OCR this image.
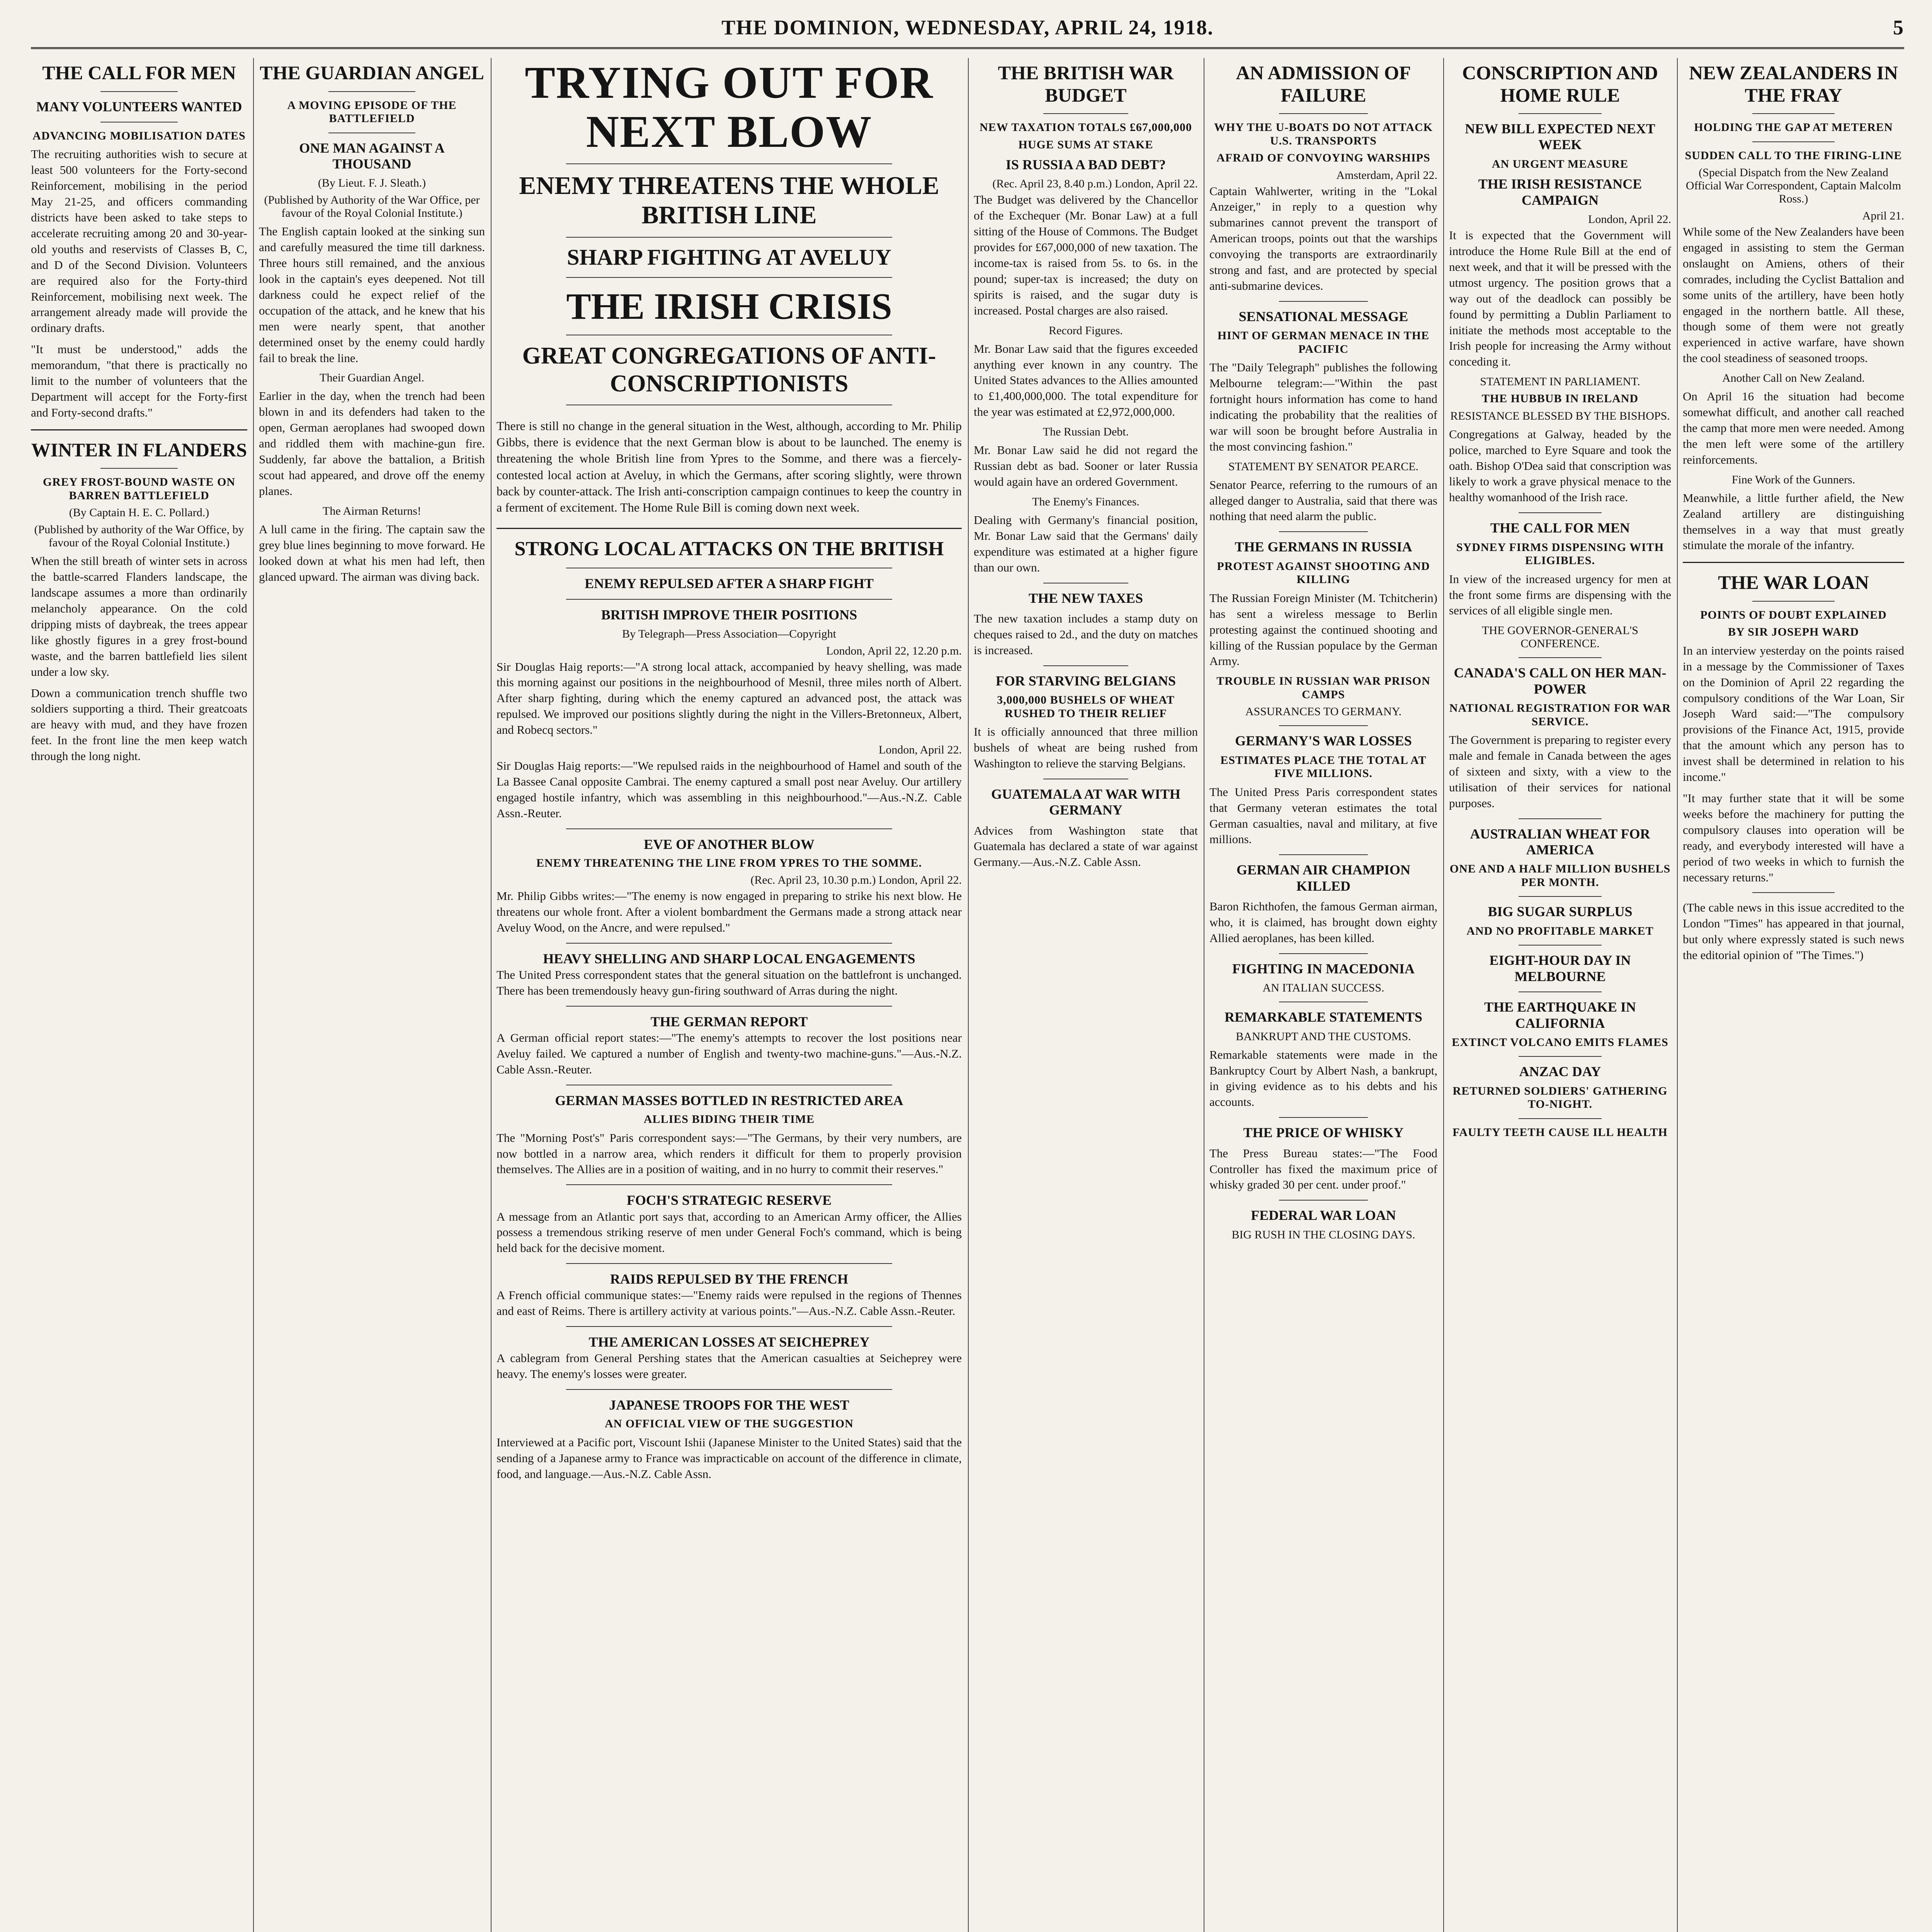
THE DOMINION, WEDNESDAY, APRIL 24, 1918.	5
THE CALL FOR MEN
MANY VOLUNTEERS WANTED
ADVANCING MOBILISATION DATES

The recruiting authorities wish to secure at least 500 volunteers for the Forty-second Reinforcement, mobilising in the period May 21-25, and officers commanding districts have been asked to take steps to accelerate recruiting among 20 and 30-year-old youths and reservists of Classes B, C, and D of the Second Division. Volunteers are required also for the Forty-third Reinforcement, mobilising next week. The arrangement already made will provide the ordinary drafts.

"It must be understood," adds the memorandum, "that there is practically no limit to the number of volunteers that the Department will accept for the Forty-first and Forty-second drafts."

WINTER IN FLANDERS
GREY FROST-BOUND WASTE ON BARREN BATTLEFIELD
(By Captain H. E. C. Pollard.)
(Published by authority of the War Office, by favour of the Royal Colonial Institute.)

When the still breath of winter sets in across the battle-scarred Flanders landscape, the landscape assumes a more than ordinarily melancholy appearance. On the cold dripping mists of daybreak, the trees appear like ghostly figures in a grey frost-bound waste, and the barren battlefield lies silent under a low sky.

Down a communication trench shuffle two soldiers supporting a third. Their greatcoats are heavy with mud, and they have frozen feet. In the front line the men keep watch through the long night.

THE GUARDIAN ANGEL
A MOVING EPISODE OF THE BATTLEFIELD
ONE MAN AGAINST A THOUSAND
(By Lieut. F. J. Sleath.)
(Published by Authority of the War Office, per favour of the Royal Colonial Institute.)

The English captain looked at the sinking sun and carefully measured the time till darkness. Three hours still remained, and the anxious look in the captain's eyes deepened. Not till darkness could he expect relief of the occupation of the attack, and he knew that his men were nearly spent, that another determined onset by the enemy could hardly fail to break the line.

Their Guardian Angel.

Earlier in the day, when the trench had been blown in and its defenders had taken to the open, German aeroplanes had swooped down and riddled them with machine-gun fire. Suddenly, far above the battalion, a British scout had appeared, and drove off the enemy planes.

The Airman Returns!

A lull came in the firing. The captain saw the grey blue lines beginning to move forward. He looked down at what his men had left, then glanced upward. The airman was diving back.

TRYING OUT FOR NEXT BLOW
ENEMY THREATENS THE WHOLE BRITISH LINE
SHARP FIGHTING AT AVELUY
THE IRISH CRISIS
GREAT CONGREGATIONS OF ANTI-CONSCRIPTIONISTS

There is still no change in the general situation in the West, although, according to Mr. Philip Gibbs, there is evidence that the next German blow is about to be launched. The enemy is threatening the whole British line from Ypres to the Somme, and there was a fiercely-contested local action at Aveluy, in which the Germans, after scoring slightly, were thrown back by counter-attack. The Irish anti-conscription campaign continues to keep the country in a ferment of excitement. The Home Rule Bill is coming down next week.

STRONG LOCAL ATTACKS ON THE BRITISH
ENEMY REPULSED AFTER A SHARP FIGHT
BRITISH IMPROVE THEIR POSITIONS
By Telegraph—Press Association—Copyright
London, April 22, 12.20 p.m.

Sir Douglas Haig reports:—"A strong local attack, accompanied by heavy shelling, was made this morning against our positions in the neighbourhood of Mesnil, three miles north of Albert. After sharp fighting, during which the enemy captured an advanced post, the attack was repulsed. We improved our positions slightly during the night in the Villers-Bretonneux, Albert, and Robecq sectors."

London, April 22.

Sir Douglas Haig reports:—"We repulsed raids in the neighbourhood of Hamel and south of the La Bassee Canal opposite Cambrai. The enemy captured a small post near Aveluy. Our artillery engaged hostile infantry, which was assembling in this neighbourhood."—Aus.-N.Z. Cable Assn.-Reuter.

EVE OF ANOTHER BLOW
ENEMY THREATENING THE LINE FROM YPRES TO THE SOMME.
(Rec. April 23, 10.30 p.m.) London, April 22.

Mr. Philip Gibbs writes:—"The enemy is now engaged in preparing to strike his next blow. He threatens our whole front. After a violent bombardment the Germans made a strong attack near Aveluy Wood, on the Ancre, and were repulsed."

HEAVY SHELLING AND SHARP LOCAL ENGAGEMENTS

The United Press correspondent states that the general situation on the battlefront is unchanged. There has been tremendously heavy gun-firing southward of Arras during the night.

THE GERMAN REPORT

A German official report states:—"The enemy's attempts to recover the lost positions near Aveluy failed. We captured a number of English and twenty-two machine-guns."—Aus.-N.Z. Cable Assn.-Reuter.

GERMAN MASSES BOTTLED IN RESTRICTED AREA
ALLIES BIDING THEIR TIME

The "Morning Post's" Paris correspondent says:—"The Germans, by their very numbers, are now bottled in a narrow area, which renders it difficult for them to properly provision themselves. The Allies are in a position of waiting, and in no hurry to commit their reserves."

FOCH'S STRATEGIC RESERVE

A message from an Atlantic port says that, according to an American Army officer, the Allies possess a tremendous striking reserve of men under General Foch's command, which is being held back for the decisive moment.

RAIDS REPULSED BY THE FRENCH

A French official communique states:—"Enemy raids were repulsed in the regions of Thennes and east of Reims. There is artillery activity at various points."—Aus.-N.Z. Cable Assn.-Reuter.

THE AMERICAN LOSSES AT SEICHEPREY

A cablegram from General Pershing states that the American casualties at Seicheprey were heavy. The enemy's losses were greater.

JAPANESE TROOPS FOR THE WEST
AN OFFICIAL VIEW OF THE SUGGESTION

Interviewed at a Pacific port, Viscount Ishii (Japanese Minister to the United States) said that the sending of a Japanese army to France was impracticable on account of the difference in climate, food, and language.—Aus.-N.Z. Cable Assn.

THE BRITISH WAR BUDGET
NEW TAXATION TOTALS £67,000,000
HUGE SUMS AT STAKE
IS RUSSIA A BAD DEBT?
(Rec. April 23, 8.40 p.m.) London, April 22.

The Budget was delivered by the Chancellor of the Exchequer (Mr. Bonar Law) at a full sitting of the House of Commons. The Budget provides for £67,000,000 of new taxation. The income-tax is raised from 5s. to 6s. in the pound; super-tax is increased; the duty on spirits is raised, and the sugar duty is increased. Postal charges are also raised.

Record Figures.

Mr. Bonar Law said that the figures exceeded anything ever known in any country. The United States advances to the Allies amounted to £1,400,000,000. The total expenditure for the year was estimated at £2,972,000,000.

The Russian Debt.

Mr. Bonar Law said he did not regard the Russian debt as bad. Sooner or later Russia would again have an ordered Government.

The Enemy's Finances.

Dealing with Germany's financial position, Mr. Bonar Law said that the Germans' daily expenditure was estimated at a higher figure than our own.

THE NEW TAXES

The new taxation includes a stamp duty on cheques raised to 2d., and the duty on matches is increased.

FOR STARVING BELGIANS
3,000,000 BUSHELS OF WHEAT RUSHED TO THEIR RELIEF

It is officially announced that three million bushels of wheat are being rushed from Washington to relieve the starving Belgians.

GUATEMALA AT WAR WITH GERMANY

Advices from Washington state that Guatemala has declared a state of war against Germany.—Aus.-N.Z. Cable Assn.

AN ADMISSION OF FAILURE
WHY THE U-BOATS DO NOT ATTACK U.S. TRANSPORTS
AFRAID OF CONVOYING WARSHIPS
Amsterdam, April 22.

Captain Wahlwerter, writing in the "Lokal Anzeiger," in reply to a question why submarines cannot prevent the transport of American troops, points out that the warships convoying the transports are extraordinarily strong and fast, and are protected by special anti-submarine devices.

SENSATIONAL MESSAGE
HINT OF GERMAN MENACE IN THE PACIFIC

The "Daily Telegraph" publishes the following Melbourne telegram:—"Within the past fortnight hours information has come to hand indicating the probability that the realities of war will soon be brought before Australia in the most convincing fashion."

STATEMENT BY SENATOR PEARCE.

Senator Pearce, referring to the rumours of an alleged danger to Australia, said that there was nothing that need alarm the public.

THE GERMANS IN RUSSIA
PROTEST AGAINST SHOOTING AND KILLING

The Russian Foreign Minister (M. Tchitcherin) has sent a wireless message to Berlin protesting against the continued shooting and killing of the Russian populace by the German Army.

TROUBLE IN RUSSIAN WAR PRISON CAMPS
ASSURANCES TO GERMANY.
GERMANY'S WAR LOSSES
ESTIMATES PLACE THE TOTAL AT FIVE MILLIONS.

The United Press Paris correspondent states that Germany veteran estimates the total German casualties, naval and military, at five millions.

GERMAN AIR CHAMPION KILLED

Baron Richthofen, the famous German airman, who, it is claimed, has brought down eighty Allied aeroplanes, has been killed.

FIGHTING IN MACEDONIA
AN ITALIAN SUCCESS.
REMARKABLE STATEMENTS
BANKRUPT AND THE CUSTOMS.

Remarkable statements were made in the Bankruptcy Court by Albert Nash, a bankrupt, in giving evidence as to his debts and his accounts.

THE PRICE OF WHISKY

The Press Bureau states:—"The Food Controller has fixed the maximum price of whisky graded 30 per cent. under proof."

FEDERAL WAR LOAN
BIG RUSH IN THE CLOSING DAYS.
CONSCRIPTION AND HOME RULE
NEW BILL EXPECTED NEXT WEEK
AN URGENT MEASURE
THE IRISH RESISTANCE CAMPAIGN
London, April 22.

It is expected that the Government will introduce the Home Rule Bill at the end of next week, and that it will be pressed with the utmost urgency. The position grows that a way out of the deadlock can possibly be found by permitting a Dublin Parliament to initiate the methods most acceptable to the Irish people for increasing the Army without conceding it.

STATEMENT IN PARLIAMENT.
THE HUBBUB IN IRELAND
RESISTANCE BLESSED BY THE BISHOPS.

Congregations at Galway, headed by the police, marched to Eyre Square and took the oath. Bishop O'Dea said that conscription was likely to work a grave physical menace to the healthy womanhood of the Irish race.

THE CALL FOR MEN
SYDNEY FIRMS DISPENSING WITH ELIGIBLES.

In view of the increased urgency for men at the front some firms are dispensing with the services of all eligible single men.

THE GOVERNOR-GENERAL'S CONFERENCE.
CANADA'S CALL ON HER MAN-POWER
NATIONAL REGISTRATION FOR WAR SERVICE.

The Government is preparing to register every male and female in Canada between the ages of sixteen and sixty, with a view to the utilisation of their services for national purposes.

AUSTRALIAN WHEAT FOR AMERICA
ONE AND A HALF MILLION BUSHELS PER MONTH.
BIG SUGAR SURPLUS
AND NO PROFITABLE MARKET
EIGHT-HOUR DAY IN MELBOURNE
THE EARTHQUAKE IN CALIFORNIA
EXTINCT VOLCANO EMITS FLAMES
ANZAC DAY
RETURNED SOLDIERS' GATHERING TO-NIGHT.
FAULTY TEETH CAUSE ILL HEALTH
NEW ZEALANDERS IN THE FRAY
HOLDING THE GAP AT METEREN
SUDDEN CALL TO THE FIRING-LINE
(Special Dispatch from the New Zealand Official War Correspondent, Captain Malcolm Ross.)
April 21.

While some of the New Zealanders have been engaged in assisting to stem the German onslaught on Amiens, others of their comrades, including the Cyclist Battalion and some units of the artillery, have been hotly engaged in the northern battle. All these, though some of them were not greatly experienced in active warfare, have shown the cool steadiness of seasoned troops.

Another Call on New Zealand.

On April 16 the situation had become somewhat difficult, and another call reached the camp that more men were needed. Among the men left were some of the artillery reinforcements.

Fine Work of the Gunners.

Meanwhile, a little further afield, the New Zealand artillery are distinguishing themselves in a way that must greatly stimulate the morale of the infantry.

THE WAR LOAN
POINTS OF DOUBT EXPLAINED
BY SIR JOSEPH WARD

In an interview yesterday on the points raised in a message by the Commissioner of Taxes on the Dominion of April 22 regarding the compulsory conditions of the War Loan, Sir Joseph Ward said:—"The compulsory provisions of the Finance Act, 1915, provide that the amount which any person has to invest shall be determined in relation to his income."

"It may further state that it will be some weeks before the machinery for putting the compulsory clauses into operation will be ready, and everybody interested will have a period of two weeks in which to furnish the necessary returns."

(The cable news in this issue accredited to the London "Times" has appeared in that journal, but only where expressly stated is such news the editorial opinion of "The Times.")
